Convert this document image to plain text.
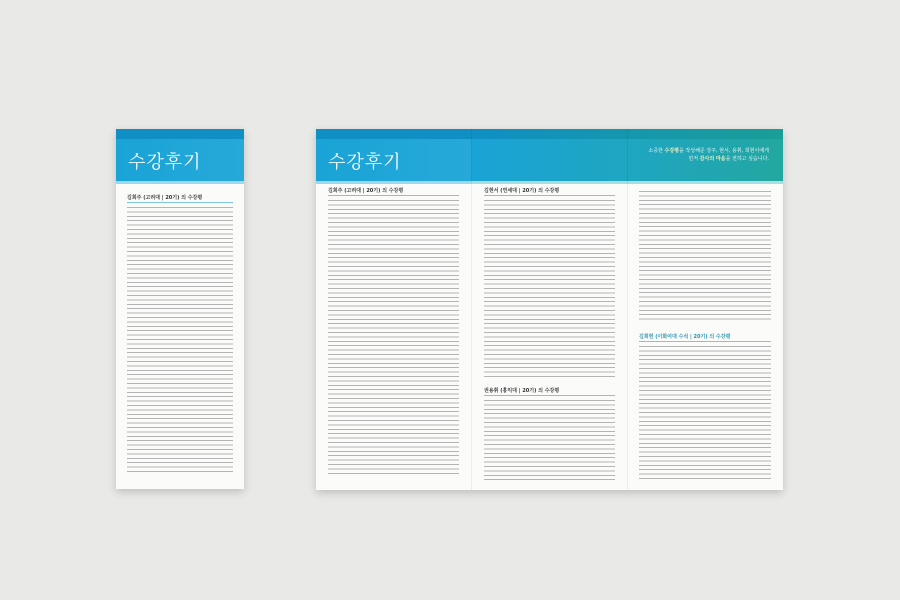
수강후기
김희주 (고려대 | 20기) 의 수강평
수강후기
소중한 수강평을 작성해준 강주, 현서, 용휘, 희현이에게
먼저 감사의 마음을 전하고 싶습니다.
김희주 (고려대 | 20기) 의 수강평	김현서 (연세대 | 20기) 의 수강평
권용휘 (홍익대 | 20기) 의 수강평
김희현 (이화여대 수석 | 20기) 의 수강평
